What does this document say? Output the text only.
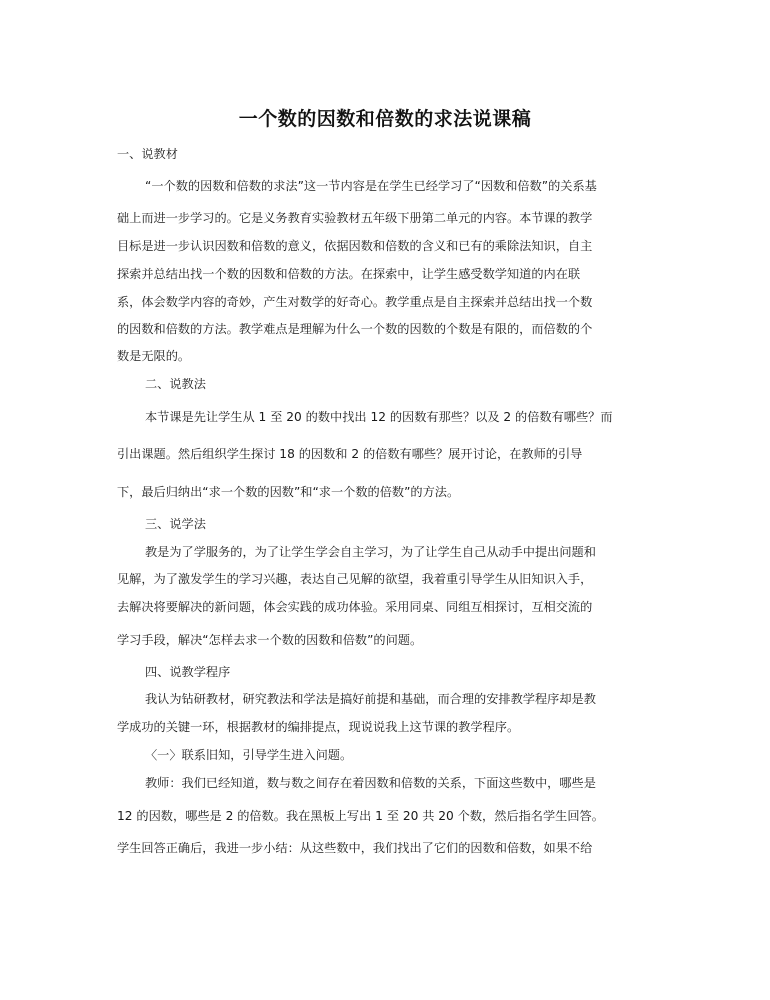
一个数的因数和倍数的求法说课稿
一、说教材
“一个数的因数和倍数的求法”这一节内容是在学生已经学习了“因数和倍数”的关系基
础上而进一步学习的。它是义务教育实验教材五年级下册第二单元的内容。本节课的教学
目标是进一步认识因数和倍数的意义，依据因数和倍数的含义和已有的乘除法知识，自主
探索并总结出找一个数的因数和倍数的方法。在探索中，让学生感受数学知道的内在联
系，体会数学内容的奇妙，产生对数学的好奇心。教学重点是自主探索并总结出找一个数
的因数和倍数的方法。教学难点是理解为什么一个数的因数的个数是有限的，而倍数的个
数是无限的。
二、说教法
本节课是先让学生从 1 至 20 的数中找出 12 的因数有那些？以及 2 的倍数有哪些？而
引出课题。然后组织学生探讨 18 的因数和 2 的倍数有哪些？展开讨论，在教师的引导
下，最后归纳出“求一个数的因数”和“求一个数的倍数”的方法。
三、说学法
教是为了学服务的，为了让学生学会自主学习，为了让学生自己从动手中提出问题和
见解，为了激发学生的学习兴趣，表达自己见解的欲望，我着重引导学生从旧知识入手，
去解决将要解决的新问题，体会实践的成功体验。采用同桌、同组互相探讨，互相交流的
学习手段，解决“怎样去求一个数的因数和倍数”的问题。
四、说教学程序
我认为钻研教材，研究教法和学法是搞好前提和基础，而合理的安排教学程序却是教
学成功的关键一环，根据教材的编排提点，现说说我上这节课的教学程序。
〈一〉联系旧知，引导学生进入问题。
教师：我们已经知道，数与数之间存在着因数和倍数的关系，下面这些数中，哪些是
12 的因数，哪些是 2 的倍数。我在黑板上写出 1 至 20 共 20 个数，然后指名学生回答。
学生回答正确后，我进一步小结：从这些数中，我们找出了它们的因数和倍数，如果不给
